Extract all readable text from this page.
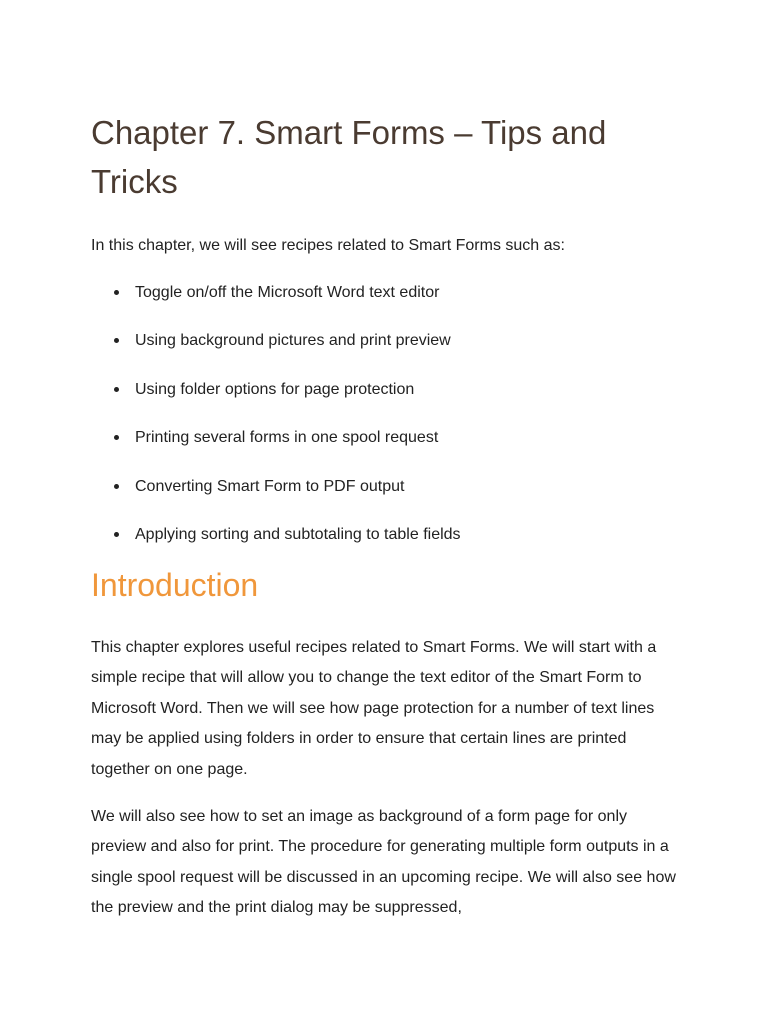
Chapter 7. Smart Forms – Tips and Tricks

In this chapter, we will see recipes related to Smart Forms such as:

Toggle on/off the Microsoft Word text editor
Using background pictures and print preview
Using folder options for page protection
Printing several forms in one spool request
Converting Smart Form to PDF output
Applying sorting and subtotaling to table fields
Introduction

This chapter explores useful recipes related to Smart Forms. We will start with a simple recipe that will allow you to change the text editor of the Smart Form to Microsoft Word. Then we will see how page protection for a number of text lines may be applied using folders in order to ensure that certain lines are printed together on one page.

We will also see how to set an image as background of a form page for only preview and also for print. The procedure for generating multiple form outputs in a single spool request will be discussed in an upcoming recipe. We will also see how the preview and the print dialog may be suppressed,
